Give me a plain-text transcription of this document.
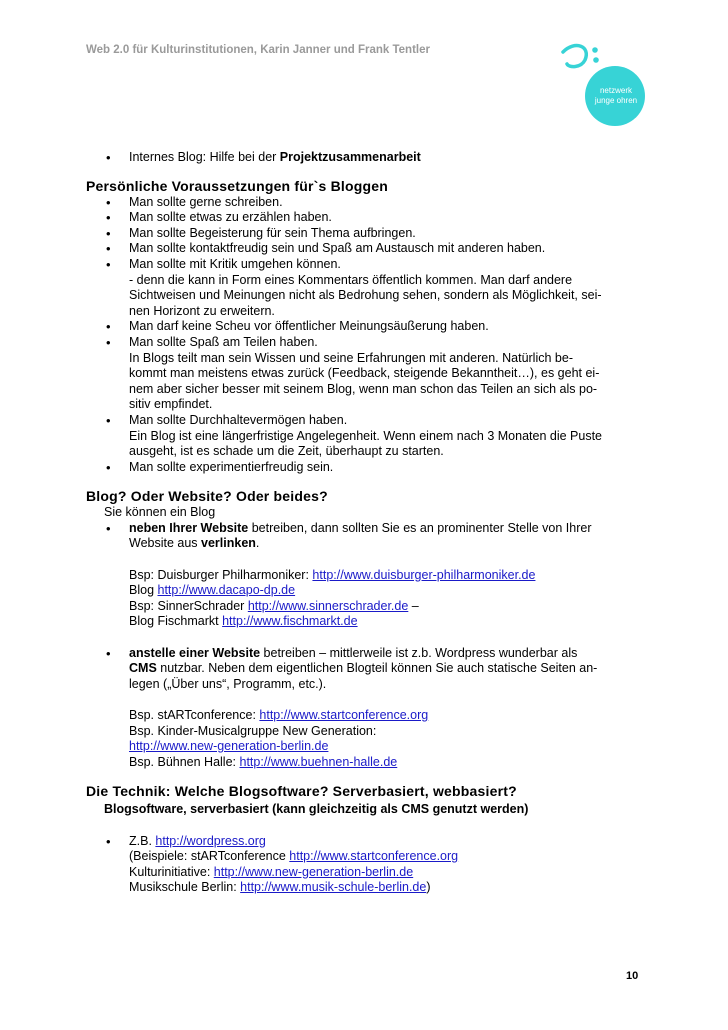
Web 2.0 für Kulturinstitutionen, Karin Janner und Frank Tentler
netzwerk
junge ohren
• Internes Blog: Hilfe bei der Projektzusammenarbeit
Persönliche Voraussetzungen für`s Bloggen
• Man sollte gerne schreiben.
• Man sollte etwas zu erzählen haben.
• Man sollte Begeisterung für sein Thema aufbringen.
• Man sollte kontaktfreudig sein und Spaß am Austausch mit anderen haben.
• Man sollte mit Kritik umgehen können.
- denn die kann in Form eines Kommentars öffentlich kommen. Man darf andere
Sichtweisen und Meinungen nicht als Bedrohung sehen, sondern als Möglichkeit, sei-
nen Horizont zu erweitern.
• Man darf keine Scheu vor öffentlicher Meinungsäußerung haben.
• Man sollte Spaß am Teilen haben.
In Blogs teilt man sein Wissen und seine Erfahrungen mit anderen. Natürlich be-
kommt man meistens etwas zurück (Feedback, steigende Bekanntheit…), es geht ei-
nem aber sicher besser mit seinem Blog, wenn man schon das Teilen an sich als po-
sitiv empfindet.
• Man sollte Durchhaltevermögen haben.
Ein Blog ist eine längerfristige Angelegenheit. Wenn einem nach 3 Monaten die Puste
ausgeht, ist es schade um die Zeit, überhaupt zu starten.
• Man sollte experimentierfreudig sein.
Blog? Oder Website? Oder beides?
Sie können ein Blog
• neben Ihrer Website betreiben, dann sollten Sie es an prominenter Stelle von Ihrer
Website aus verlinken.
Bsp: Duisburger Philharmoniker: http://www.duisburger-philharmoniker.de
Blog http://www.dacapo-dp.de
Bsp: SinnerSchrader http://www.sinnerschrader.de –
Blog Fischmarkt http://www.fischmarkt.de
• anstelle einer Website betreiben – mittlerweile ist z.b. Wordpress wunderbar als
CMS nutzbar. Neben dem eigentlichen Blogteil können Sie auch statische Seiten an-
legen („Über uns“, Programm, etc.).
Bsp. stARTconference: http://www.startconference.org
Bsp. Kinder-Musicalgruppe New Generation:
http://www.new-generation-berlin.de
Bsp. Bühnen Halle: http://www.buehnen-halle.de
Die Technik: Welche Blogsoftware? Serverbasiert, webbasiert?
Blogsoftware, serverbasiert (kann gleichzeitig als CMS genutzt werden)
• Z.B. http://wordpress.org
(Beispiele: stARTconference http://www.startconference.org
Kulturinitiative: http://www.new-generation-berlin.de
Musikschule Berlin: http://www.musik-schule-berlin.de)
10
